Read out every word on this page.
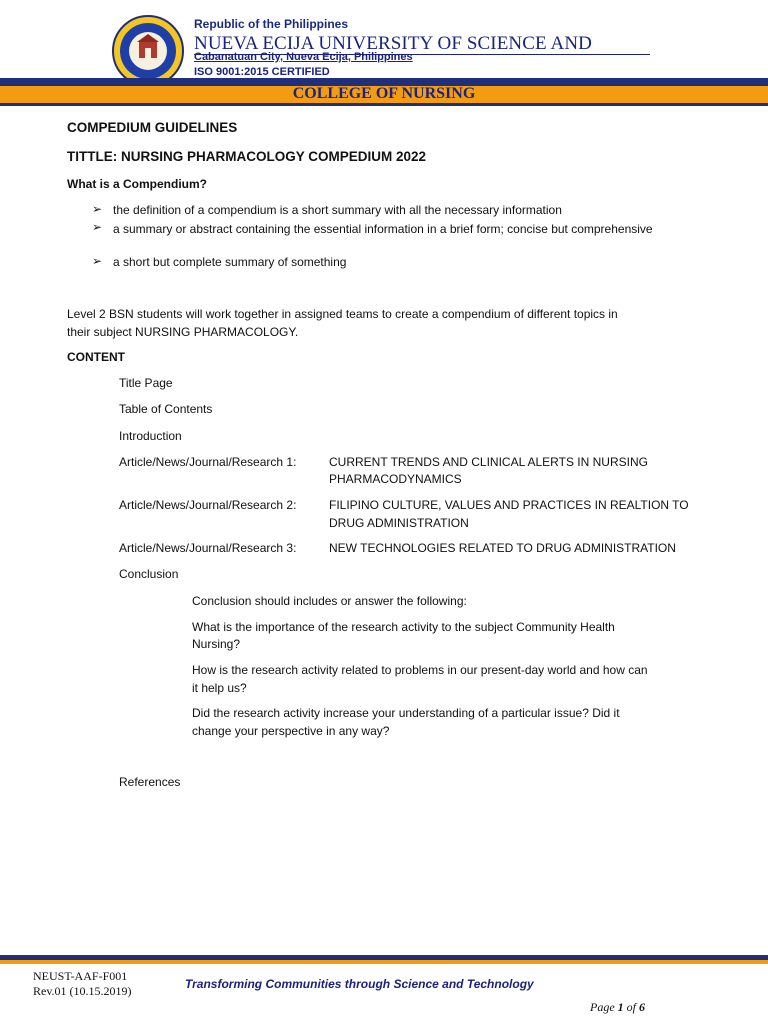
Republic of the Philippines
NUEVA ECIJA UNIVERSITY OF SCIENCE AND
Cabanatuan City, Nueva Ecija, Philippines
ISO 9001:2015 CERTIFIED
COLLEGE OF NURSING
COMPEDIUM GUIDELINES
TITTLE: NURSING PHARMACOLOGY COMPEDIUM 2022
What is a Compendium?
➢ the definition of a compendium is a short summary with all the necessary information
➢ a summary or abstract containing the essential information in a brief form; concise but comprehensive
➢ a short but complete summary of something
Level 2 BSN students will work together in assigned teams to create a compendium of different topics in
their subject NURSING PHARMACOLOGY.
CONTENT
Title Page
Table of Contents
Introduction
Article/News/Journal/Research 1:	CURRENT TRENDS AND CLINICAL ALERTS IN NURSING
PHARMACODYNAMICS
Article/News/Journal/Research 2:	FILIPINO CULTURE, VALUES AND PRACTICES IN REALTION TO
DRUG ADMINISTRATION
Article/News/Journal/Research 3:	NEW TECHNOLOGIES RELATED TO DRUG ADMINISTRATION
Conclusion
Conclusion should includes or answer the following:
What is the importance of the research activity to the subject Community Health
Nursing?
How is the research activity related to problems in our present-day world and how can
it help us?
Did the research activity increase your understanding of a particular issue? Did it
change your perspective in any way?
References
NEUST-AAF-F001
Rev.01 (10.15.2019)	Transforming Communities through Science and Technology
Page 1 of 6
